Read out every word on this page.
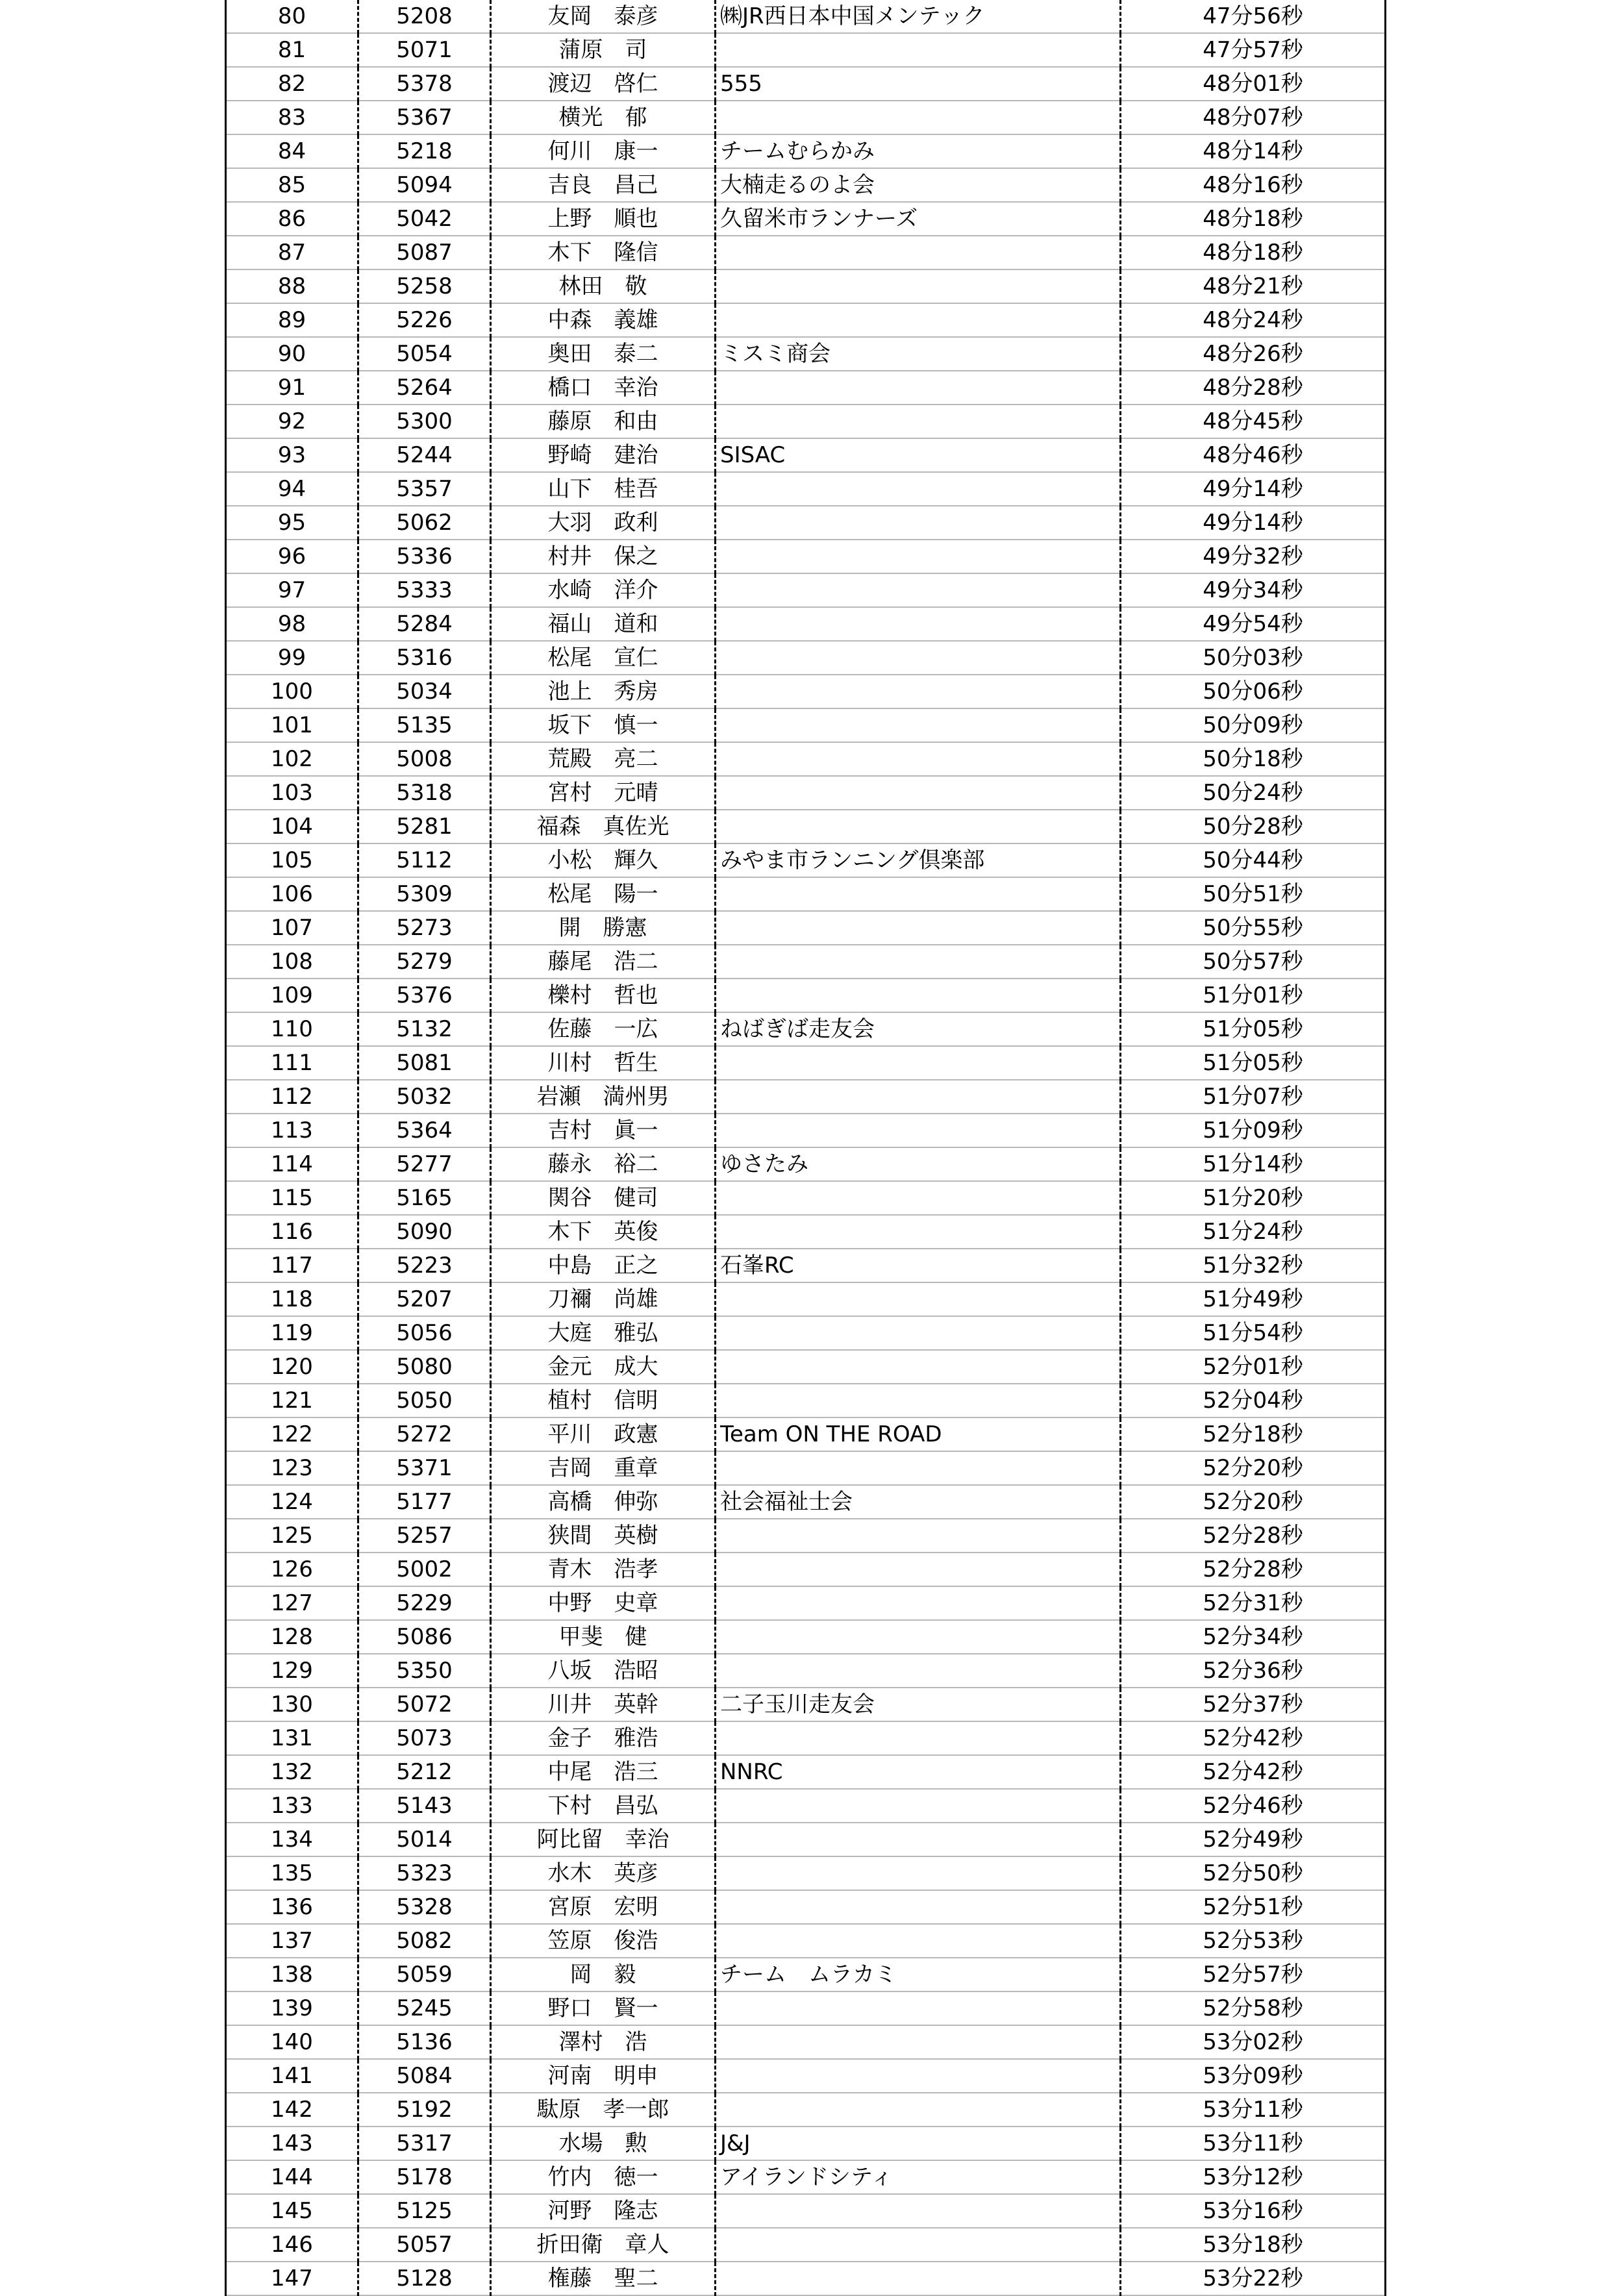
80	5208	友岡　泰彦	㈱JR西日本中国メンテック	47分56秒
81	5071	蒲原　司		47分57秒
82	5378	渡辺　啓仁	555	48分01秒
83	5367	横光　郁		48分07秒
84	5218	何川　康一	チームむらかみ	48分14秒
85	5094	吉良　昌己	大楠走るのよ会	48分16秒
86	5042	上野　順也	久留米市ランナーズ	48分18秒
87	5087	木下　隆信		48分18秒
88	5258	林田　敬		48分21秒
89	5226	中森　義雄		48分24秒
90	5054	奥田　泰二	ミスミ商会	48分26秒
91	5264	橋口　幸治		48分28秒
92	5300	藤原　和由		48分45秒
93	5244	野崎　建治	SISAC	48分46秒
94	5357	山下　桂吾		49分14秒
95	5062	大羽　政利		49分14秒
96	5336	村井　保之		49分32秒
97	5333	水崎　洋介		49分34秒
98	5284	福山　道和		49分54秒
99	5316	松尾　宣仁		50分03秒
100	5034	池上　秀房		50分06秒
101	5135	坂下　慎一		50分09秒
102	5008	荒殿　亮二		50分18秒
103	5318	宮村　元晴		50分24秒
104	5281	福森　真佐光		50分28秒
105	5112	小松　輝久	みやま市ランニング倶楽部	50分44秒
106	5309	松尾　陽一		50分51秒
107	5273	開　勝憲		50分55秒
108	5279	藤尾　浩二		50分57秒
109	5376	櫟村　哲也		51分01秒
110	5132	佐藤　一広	ねばぎば走友会	51分05秒
111	5081	川村　哲生		51分05秒
112	5032	岩瀬　満州男		51分07秒
113	5364	吉村　眞一		51分09秒
114	5277	藤永　裕二	ゆさたみ	51分14秒
115	5165	関谷　健司		51分20秒
116	5090	木下　英俊		51分24秒
117	5223	中島　正之	石峯RC	51分32秒
118	5207	刀禰　尚雄		51分49秒
119	5056	大庭　雅弘		51分54秒
120	5080	金元　成大		52分01秒
121	5050	植村　信明		52分04秒
122	5272	平川　政憲	Team ON THE ROAD	52分18秒
123	5371	吉岡　重章		52分20秒
124	5177	高橋　伸弥	社会福祉士会	52分20秒
125	5257	狭間　英樹		52分28秒
126	5002	青木　浩孝		52分28秒
127	5229	中野　史章		52分31秒
128	5086	甲斐　健		52分34秒
129	5350	八坂　浩昭		52分36秒
130	5072	川井　英幹	二子玉川走友会	52分37秒
131	5073	金子　雅浩		52分42秒
132	5212	中尾　浩三	NNRC	52分42秒
133	5143	下村　昌弘		52分46秒
134	5014	阿比留　幸治		52分49秒
135	5323	水木　英彦		52分50秒
136	5328	宮原　宏明		52分51秒
137	5082	笠原　俊浩		52分53秒
138	5059	岡　毅	チーム　ムラカミ	52分57秒
139	5245	野口　賢一		52分58秒
140	5136	澤村　浩		53分02秒
141	5084	河南　明申		53分09秒
142	5192	駄原　孝一郎		53分11秒
143	5317	水場　勲	J&J	53分11秒
144	5178	竹内　徳一	アイランドシティ	53分12秒
145	5125	河野　隆志		53分16秒
146	5057	折田衛　章人		53分18秒
147	5128	権藤　聖二		53分22秒
